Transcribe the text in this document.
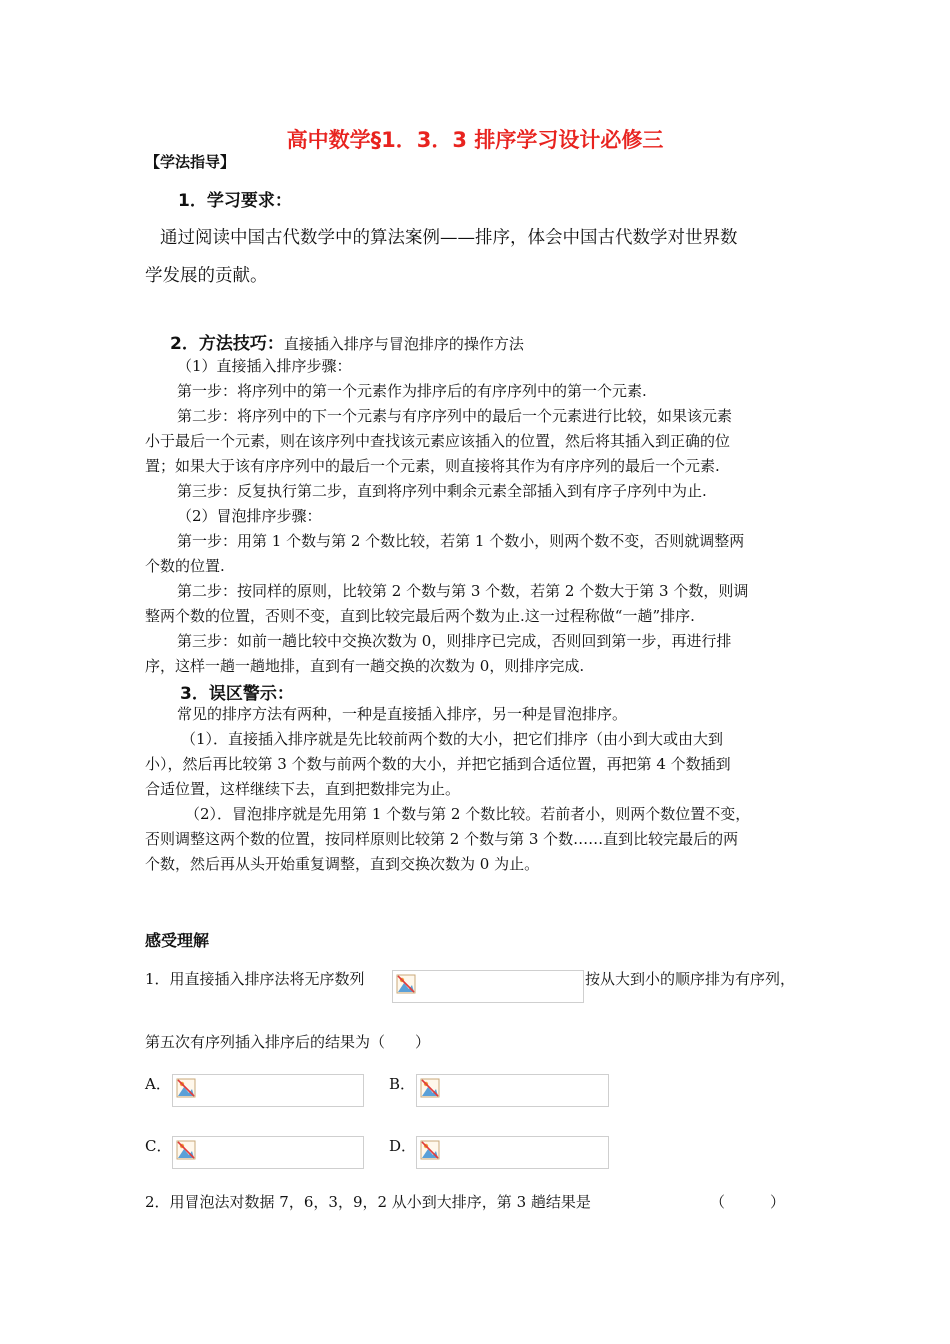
高中数学§1．3．3 排序学习设计必修三
【学法指导】
1．学习要求：
通过阅读中国古代数学中的算法案例——排序，体会中国古代数学对世界数
学发展的贡献。
2．方法技巧：直接插入排序与冒泡排序的操作方法
（1）直接插入排序步骤：
第一步：将序列中的第一个元素作为排序后的有序序列中的第一个元素.
第二步：将序列中的下一个元素与有序序列中的最后一个元素进行比较，如果该元素
小于最后一个元素，则在该序列中查找该元素应该插入的位置，然后将其插入到正确的位
置；如果大于该有序序列中的最后一个元素，则直接将其作为有序序列的最后一个元素.
第三步：反复执行第二步，直到将序列中剩余元素全部插入到有序子序列中为止.
（2）冒泡排序步骤：
第一步：用第 1 个数与第 2 个数比较，若第 1 个数小，则两个数不变，否则就调整两
个数的位置.
第二步：按同样的原则，比较第 2 个数与第 3 个数，若第 2 个数大于第 3 个数，则调
整两个数的位置，否则不变，直到比较完最后两个数为止.这一过程称做“一趟”排序.
第三步：如前一趟比较中交换次数为 0，则排序已完成，否则回到第一步，再进行排
序，这样一趟一趟地排，直到有一趟交换的次数为 0，则排序完成.
3．误区警示：
常见的排序方法有两种，一种是直接插入排序，另一种是冒泡排序。
（1）．直接插入排序就是先比较前两个数的大小，把它们排序（由小到大或由大到
小），然后再比较第 3 个数与前两个数的大小，并把它插到合适位置，再把第 4 个数插到
合适位置，这样继续下去，直到把数排完为止。
（2）．冒泡排序就是先用第 1 个数与第 2 个数比较。若前者小，则两个数位置不变，
否则调整这两个数的位置，按同样原则比较第 2 个数与第 3 个数……直到比较完最后的两
个数，然后再从头开始重复调整，直到交换次数为 0 为止。
感受理解
1．用直接插入排序法将无序数列	按从大到小的顺序排为有序列，
第五次有序列插入排序后的结果为（　　）
A．	B．
C．	D．
2．用冒泡法对数据 7，6，3，9，2 从小到大排序，第 3 趟结果是	（　　　）
